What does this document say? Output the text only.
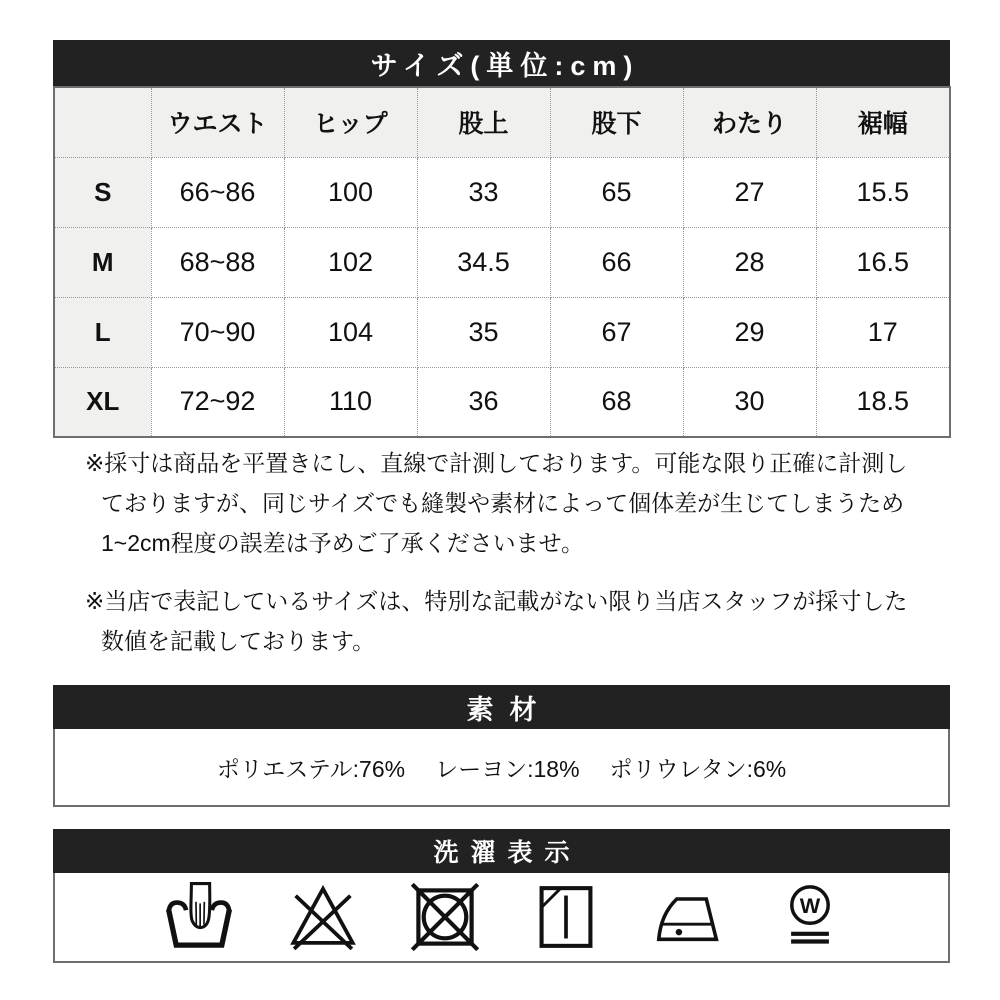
サイズ(単位:cm)
	ウエスト	ヒップ	股上	股下	わたり	裾幅
S	66~86	100	33	65	27	15.5
M	68~88	102	34.5	66	28	16.5
L	70~90	104	35	67	29	17
XL	72~92	110	36	68	30	18.5
※採寸は商品を平置きにし、直線で計測しております。可能な限り正確に計測し
ておりますが、同じサイズでも縫製や素材によって個体差が生じてしまうため
1~2cm程度の誤差は予めご了承くださいませ。
※当店で表記しているサイズは、特別な記載がない限り当店スタッフが採寸した
数値を記載しております。
素材
ポリエステル:76% レーヨン:18% ポリウレタン:6%
洗濯表示
W
